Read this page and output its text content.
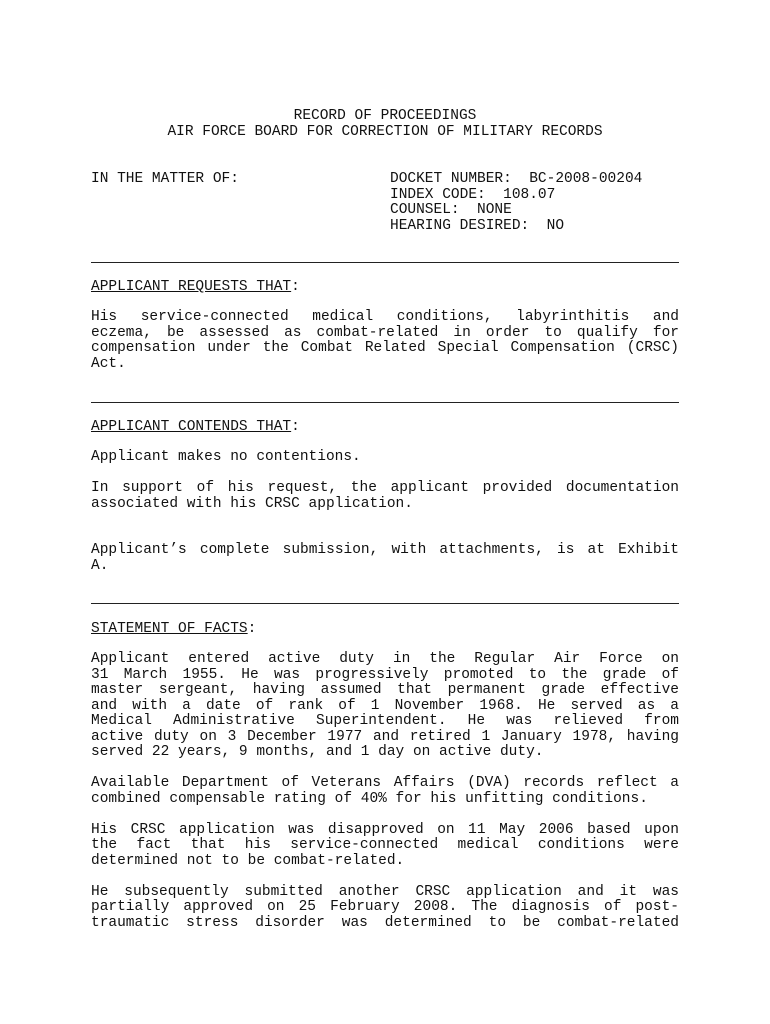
RECORD OF PROCEEDINGS
AIR FORCE BOARD FOR CORRECTION OF MILITARY RECORDS
IN THE MATTER OF:	DOCKET NUMBER:  BC-2008-00204
INDEX CODE:  108.07
COUNSEL:  NONE
HEARING DESIRED:  NO
APPLICANT REQUESTS THAT:

His service-connected medical conditions, labyrinthitis and
eczema, be assessed as combat-related in order to qualify for
compensation under the Combat Related Special Compensation (CRSC)
Act.

APPLICANT CONTENDS THAT:

Applicant makes no contentions.

In support of his request, the applicant provided documentation
associated with his CRSC application.

Applicant’s complete submission, with attachments, is at Exhibit
A.

STATEMENT OF FACTS:

Applicant entered active duty in the Regular Air Force on
31 March 1955. He was progressively promoted to the grade of
master sergeant, having assumed that permanent grade effective
and with a date of rank of 1 November 1968. He served as a
Medical Administrative Superintendent. He was relieved from
active duty on 3 December 1977 and retired 1 January 1978, having
served 22 years, 9 months, and 1 day on active duty.

Available Department of Veterans Affairs (DVA) records reflect a
combined compensable rating of 40% for his unfitting conditions.

His CRSC application was disapproved on 11 May 2006 based upon
the fact that his service-connected medical conditions were
determined not to be combat-related.

He subsequently submitted another CRSC application and it was
partially approved on 25 February 2008. The diagnosis of post-
traumatic stress disorder was determined to be combat-related
